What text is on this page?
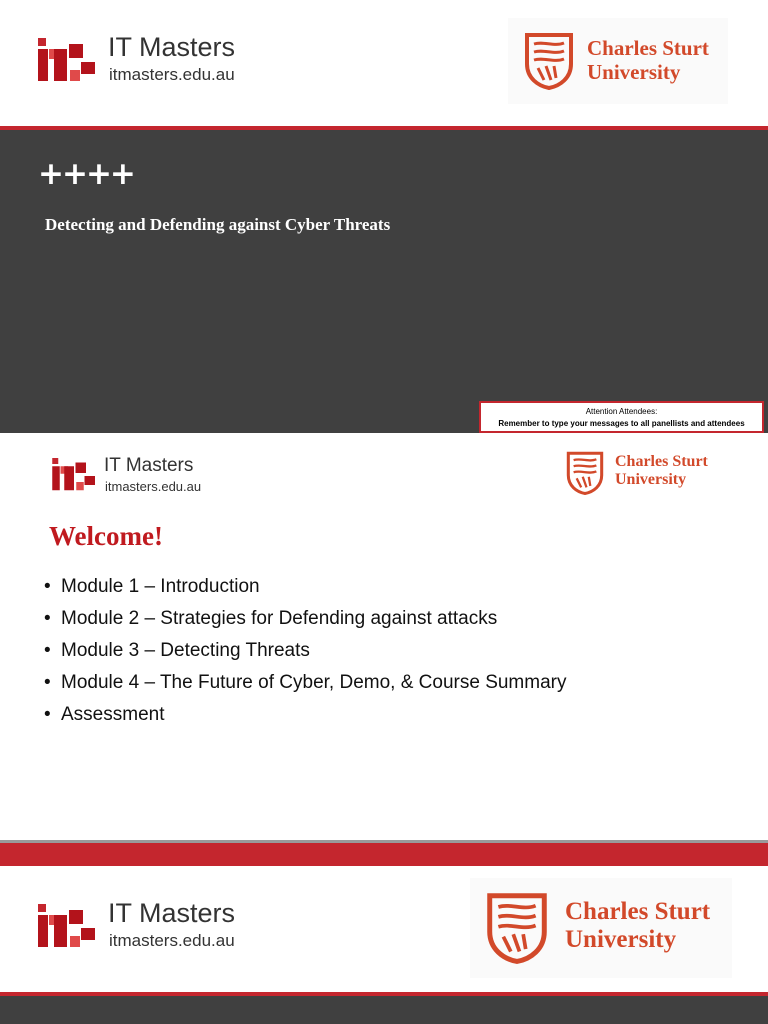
IT Masters
itmasters.edu.au
Charles Sturt
University
++++
Detecting and Defending against Cyber Threats
Attention Attendees:
Remember to type your messages to all panellists and attendees
IT Masters
itmasters.edu.au
Charles Sturt
University
Welcome!
• Module 1 – Introduction
• Module 2 – Strategies for Defending against attacks
• Module 3 – Detecting Threats
• Module 4 – The Future of Cyber, Demo, & Course Summary
• Assessment
IT Masters
itmasters.edu.au
Charles Sturt
University
